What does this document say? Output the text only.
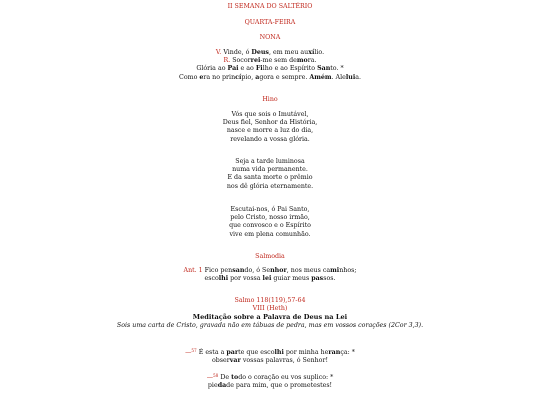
II SEMANA DO SALTÉRIO
QUARTA-FEIRA
NONA
V. Vinde, ó Deus, em meu auxílio.
R. Socorrei-me sem demora.
Glória ao Pai e ao Filho e ao Espírito Santo. *
Como era no princípio, agora e sempre. Amém. Aleluia.
Hino
Vós que sois o Imutável,
Deus fiel, Senhor da História,
nasce e morre a luz do dia,
revelando a vossa glória.
Seja a tarde luminosa
numa vida permanente.
E da santa morte o prêmio
nos dê glória eternamente.
Escutai-nos, ó Pai Santo,
pelo Cristo, nosso irmão,
que convosco e o Espírito
vive em plena comunhão.
Salmodia
Ant. 1 Fico pensando, ó Senhor, nos meus caminhos;
escolhi por vossa lei guiar meus passos.
Salmo 118(119),57-64
VIII (Heth)
Meditação sobre a Palavra de Deus na Lei
Sois uma carta de Cristo, gravada não em tábuas de pedra, mas em vossos corações (2Cor 3,3).
—$^{57}$ É esta a parte que escolhi por minha herança: *
observar vossas palavras, ó Senhor!
—$^{58}$ De todo o coração eu vos suplico: *
piedade para mim, que o prometestes!
